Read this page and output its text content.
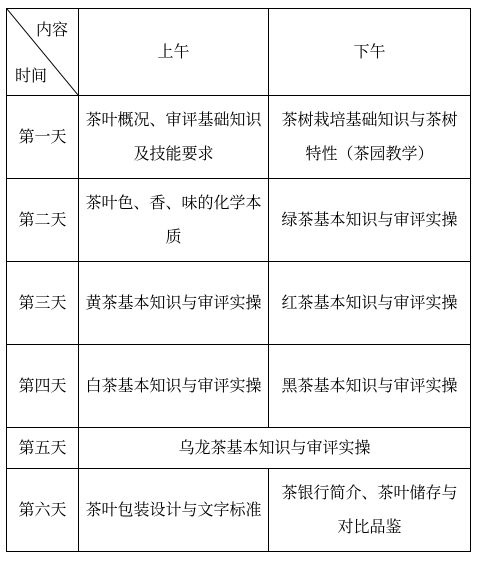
内容
时间	上午	下午
第一天	茶叶概况、审评基础知识及技能要求	茶树栽培基础知识与茶树特性（茶园教学）
第二天	茶叶色、香、味的化学本质	绿茶基本知识与审评实操
第三天	黄茶基本知识与审评实操	红茶基本知识与审评实操
第四天	白茶基本知识与审评实操	黑茶基本知识与审评实操
第五天	乌龙茶基本知识与审评实操	
第六天	茶叶包装设计与文字标准	茶银行简介、茶叶储存与对比品鉴
